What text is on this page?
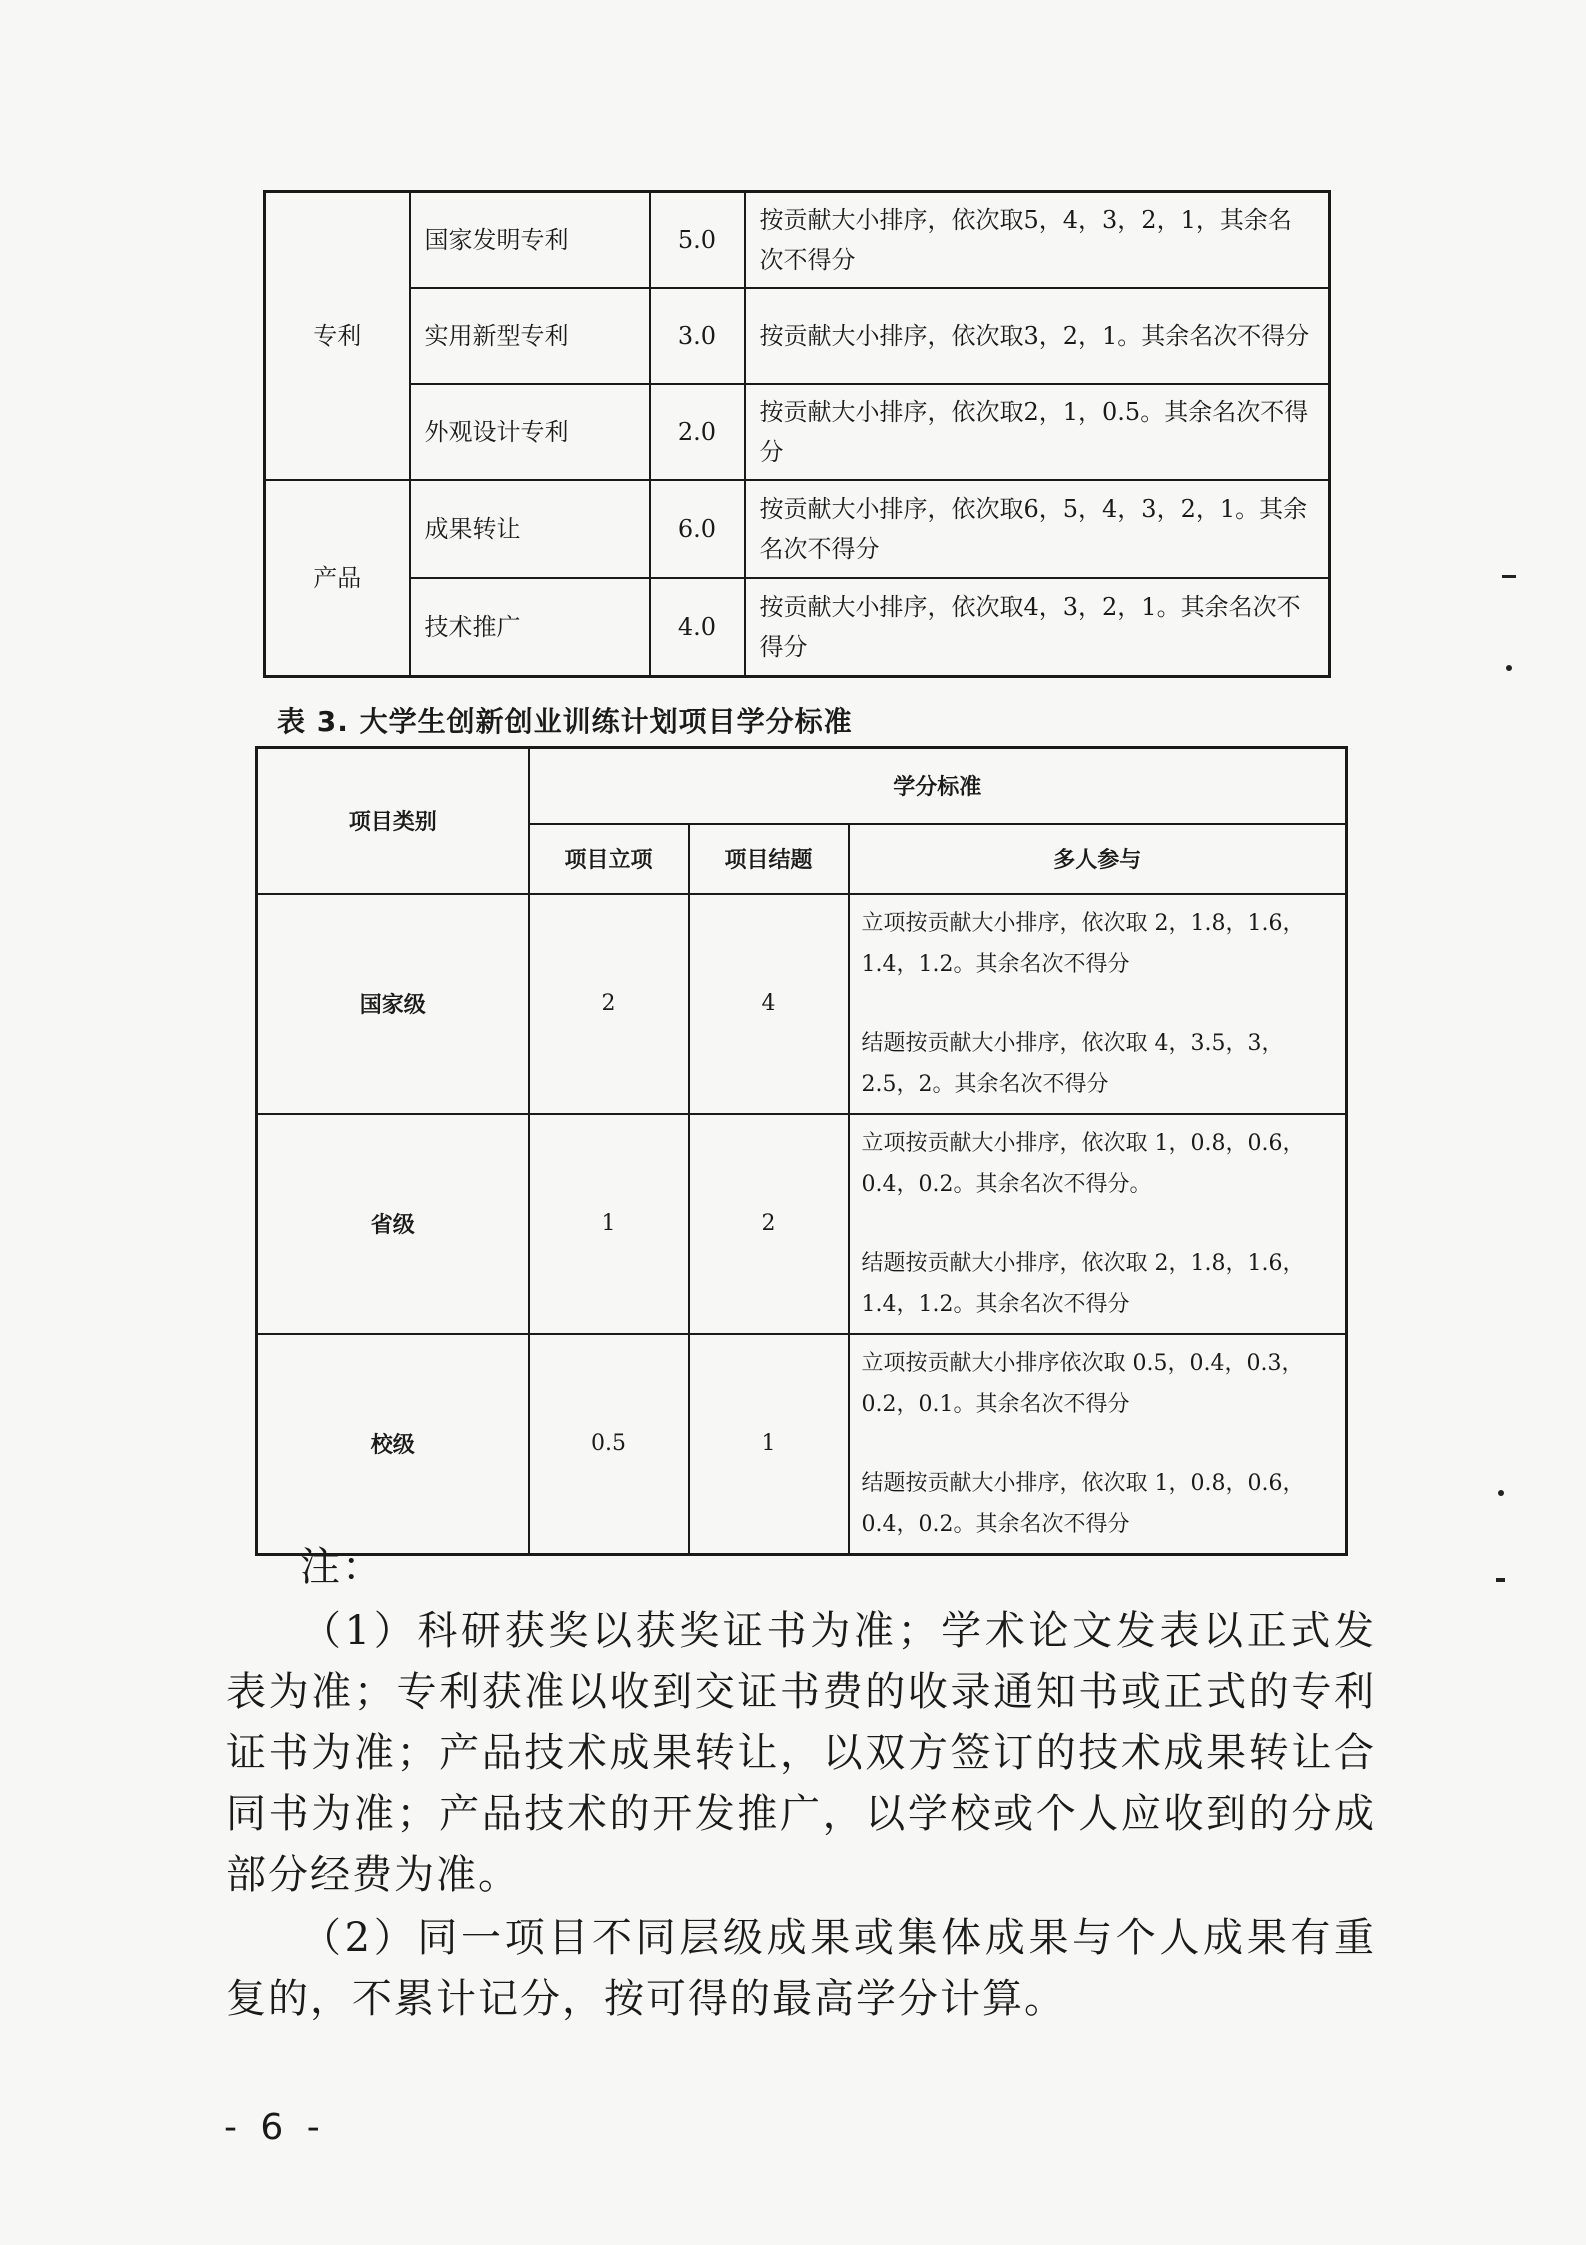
专利	国家发明专利	5.0	按贡献大小排序，依次取5，4，3，2，1，其余名次不得分
	实用新型专利	3.0	按贡献大小排序，依次取3，2，1。其余名次不得分
	外观设计专利	2.0	按贡献大小排序，依次取2，1，0.5。其余名次不得分
产品	成果转让	6.0	按贡献大小排序，依次取6，5，4，3，2，1。其余名次不得分
	技术推广	4.0	按贡献大小排序，依次取4，3，2，1。其余名次不得分
表 3. 大学生创新创业训练计划项目学分标准
项目类别	学分标准		
	项目立项	项目结题	多人参与
国家级	2	4	立项按贡献大小排序，依次取 2，1.8，1.6，1.4，1.2。其余名次不得分

结题按贡献大小排序，依次取 4，3.5，3，2.5，2。其余名次不得分

省级	1	2	立项按贡献大小排序，依次取 1，0.8，0.6，0.4，0.2。其余名次不得分。

结题按贡献大小排序，依次取 2，1.8，1.6，1.4，1.2。其余名次不得分

校级	0.5	1	立项按贡献大小排序依次取 0.5，0.4，0.3，0.2，0.1。其余名次不得分

结题按贡献大小排序，依次取 1，0.8，0.6，0.4，0.2。其余名次不得分

注：
（1）科研获奖以获奖证书为准；学术论文发表以正式发表为准；专利获准以收到交证书费的收录通知书或正式的专利证书为准；产品技术成果转让，以双方签订的技术成果转让合同书为准；产品技术的开发推广，以学校或个人应收到的分成部分经费为准。
（2）同一项目不同层级成果或集体成果与个人成果有重复的，不累计记分，按可得的最高学分计算。
- 6 -
